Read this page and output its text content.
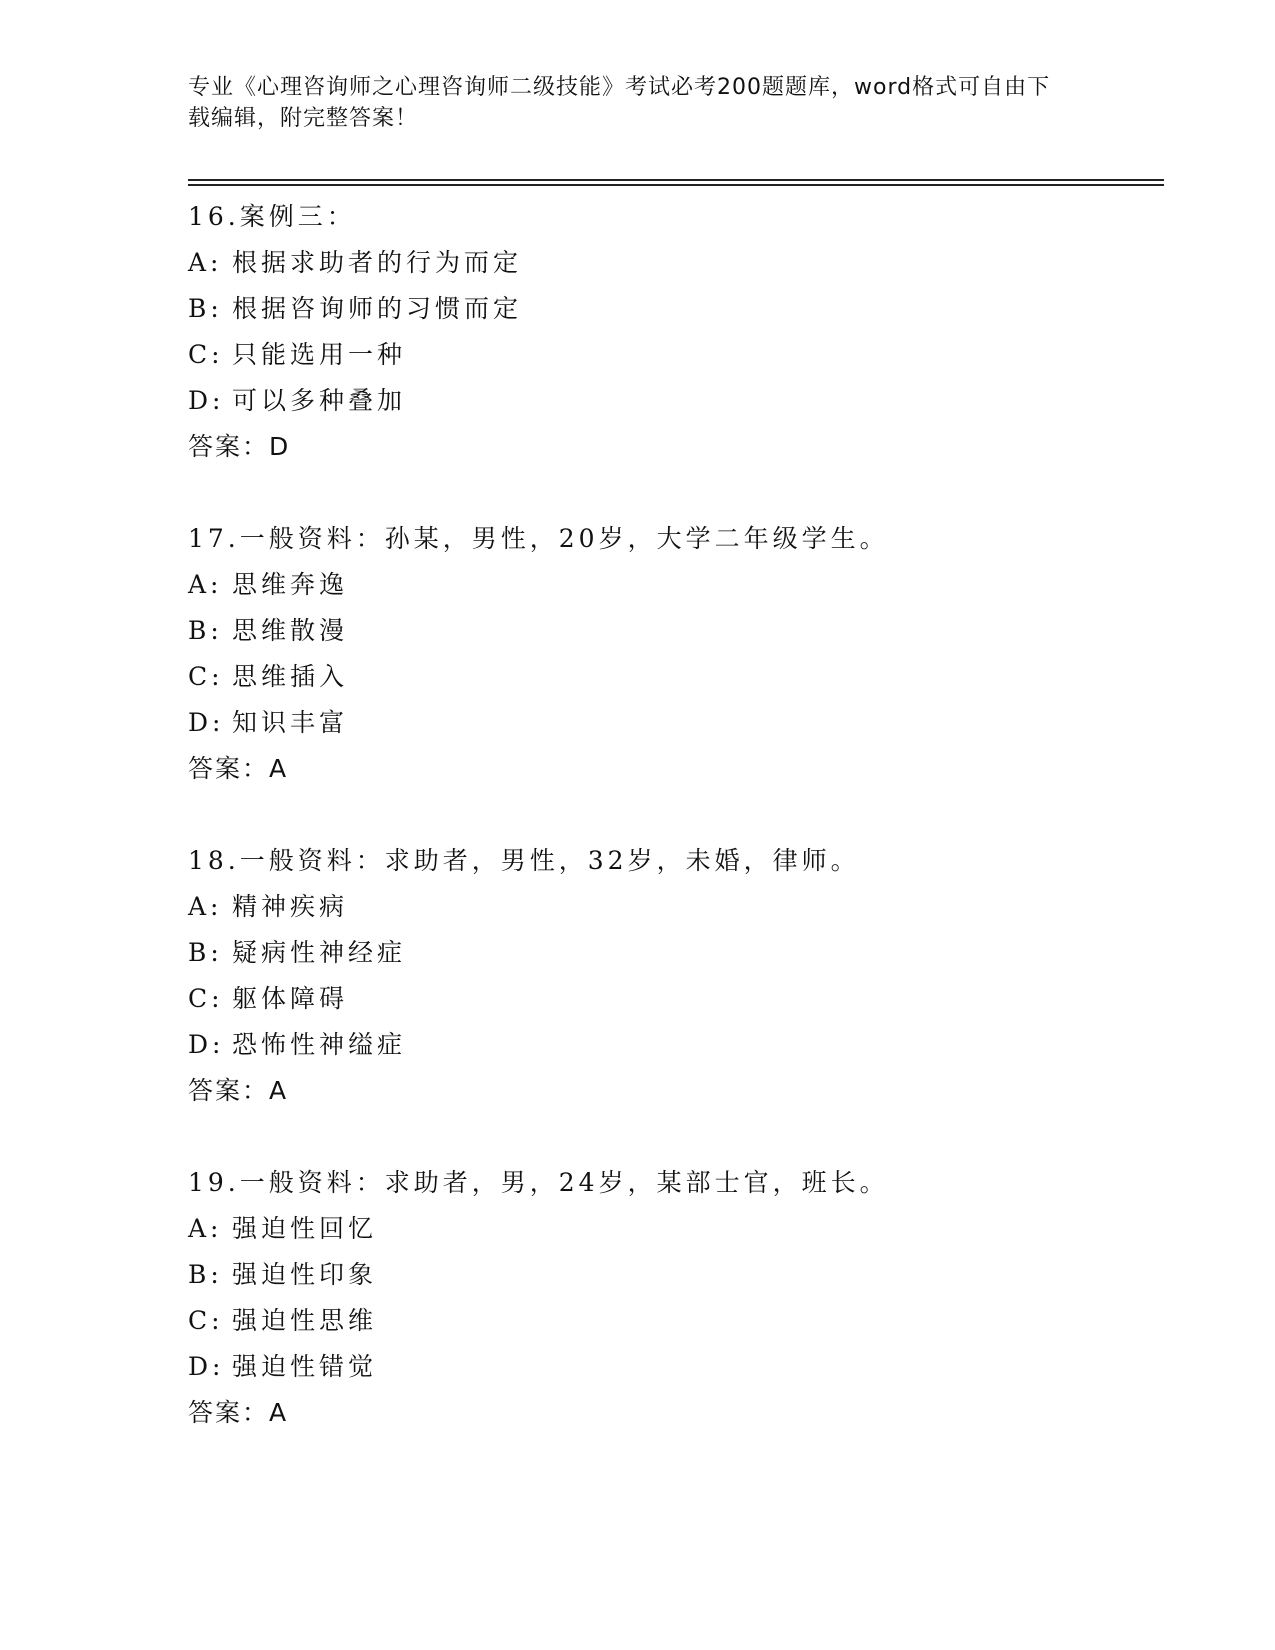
专业《心理咨询师之心理咨询师二级技能》考试必考200题题库，word格式可自由下载编辑，附完整答案！
16.案例三：
A: 根据求助者的行为而定
B: 根据咨询师的习惯而定
C: 只能选用一种
D: 可以多种叠加
答案：D
17.一般资料：孙某，男性，20岁，大学二年级学生。
A: 思维奔逸
B: 思维散漫
C: 思维插入
D: 知识丰富
答案：A
18.一般资料：求助者，男性，32岁，未婚，律师。
A: 精神疾病
B: 疑病性神经症
C: 躯体障碍
D: 恐怖性神缢症
答案：A
19.一般资料：求助者，男，24岁，某部士官，班长。
A: 强迫性回忆
B: 强迫性印象
C: 强迫性思维
D: 强迫性错觉
答案：A
